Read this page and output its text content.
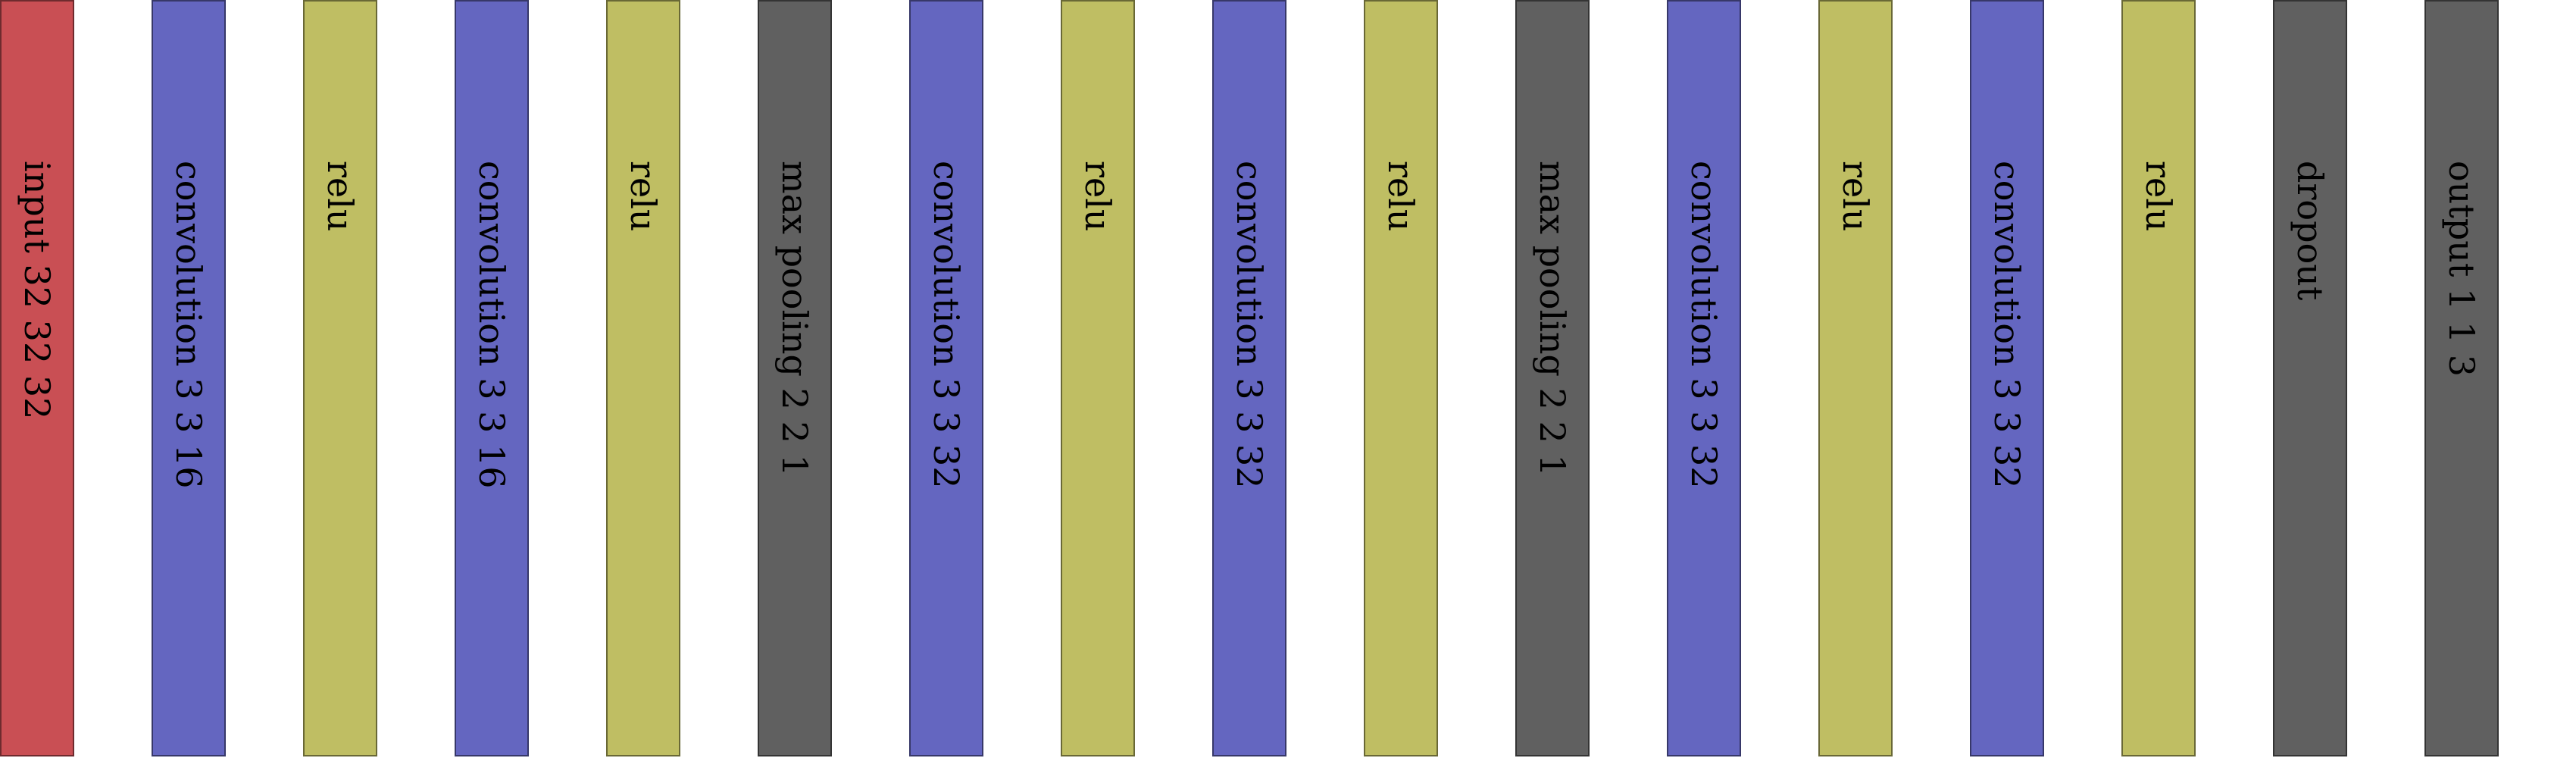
input 32 32 32	convolution 3 3 16	relu	convolution 3 3 16	relu	max pooling 2 2 1	convolution 3 3 32	relu	convolution 3 3 32	relu	max pooling 2 2 1	convolution 3 3 32	relu	convolution 3 3 32	relu	dropout	output 1 1 3
